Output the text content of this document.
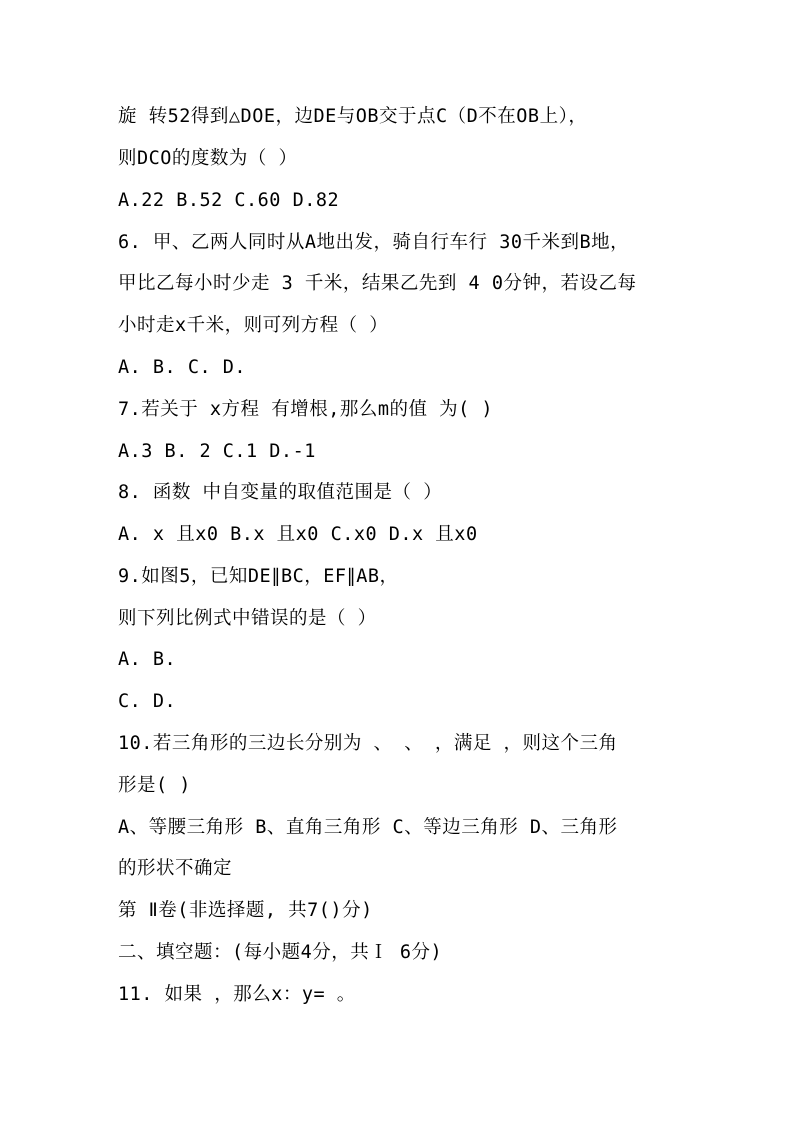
旋 转52得到△DOE，边DE与OB交于点C（D不在OB上），
则DCO的度数为（ ）
A.22 B.52 C.60 D.82
6. 甲、乙两人同时从A地出发，骑自行车行 30千米到B地，
甲比乙每小时少走 3 千米，结果乙先到 4 0分钟，若设乙每
小时走x千米，则可列方程（ ）
A. B. C. D.
7.若关于 x方程 有增根,那么m的值 为( )
A.3 B. 2 C.1 D.-1
8. 函数 中自变量的取值范围是（ ）
A. x 且x0 B.x 且x0 C.x0 D.x 且x0
9.如图5，已知DE∥BC，EF∥AB，
则下列比例式中错误的是（ ）
A. B.
C. D.
10.若三角形的三边长分别为 、 、 ，满足 ，则这个三角
形是( )
A、等腰三角形 B、直角三角形 C、等边三角形 D、三角形
的形状不确定
第 Ⅱ卷(非选择题, 共7()分)
二、填空题：(每小题4分，共Ｉ 6分)
11. 如果 ，那么x：y= 。
